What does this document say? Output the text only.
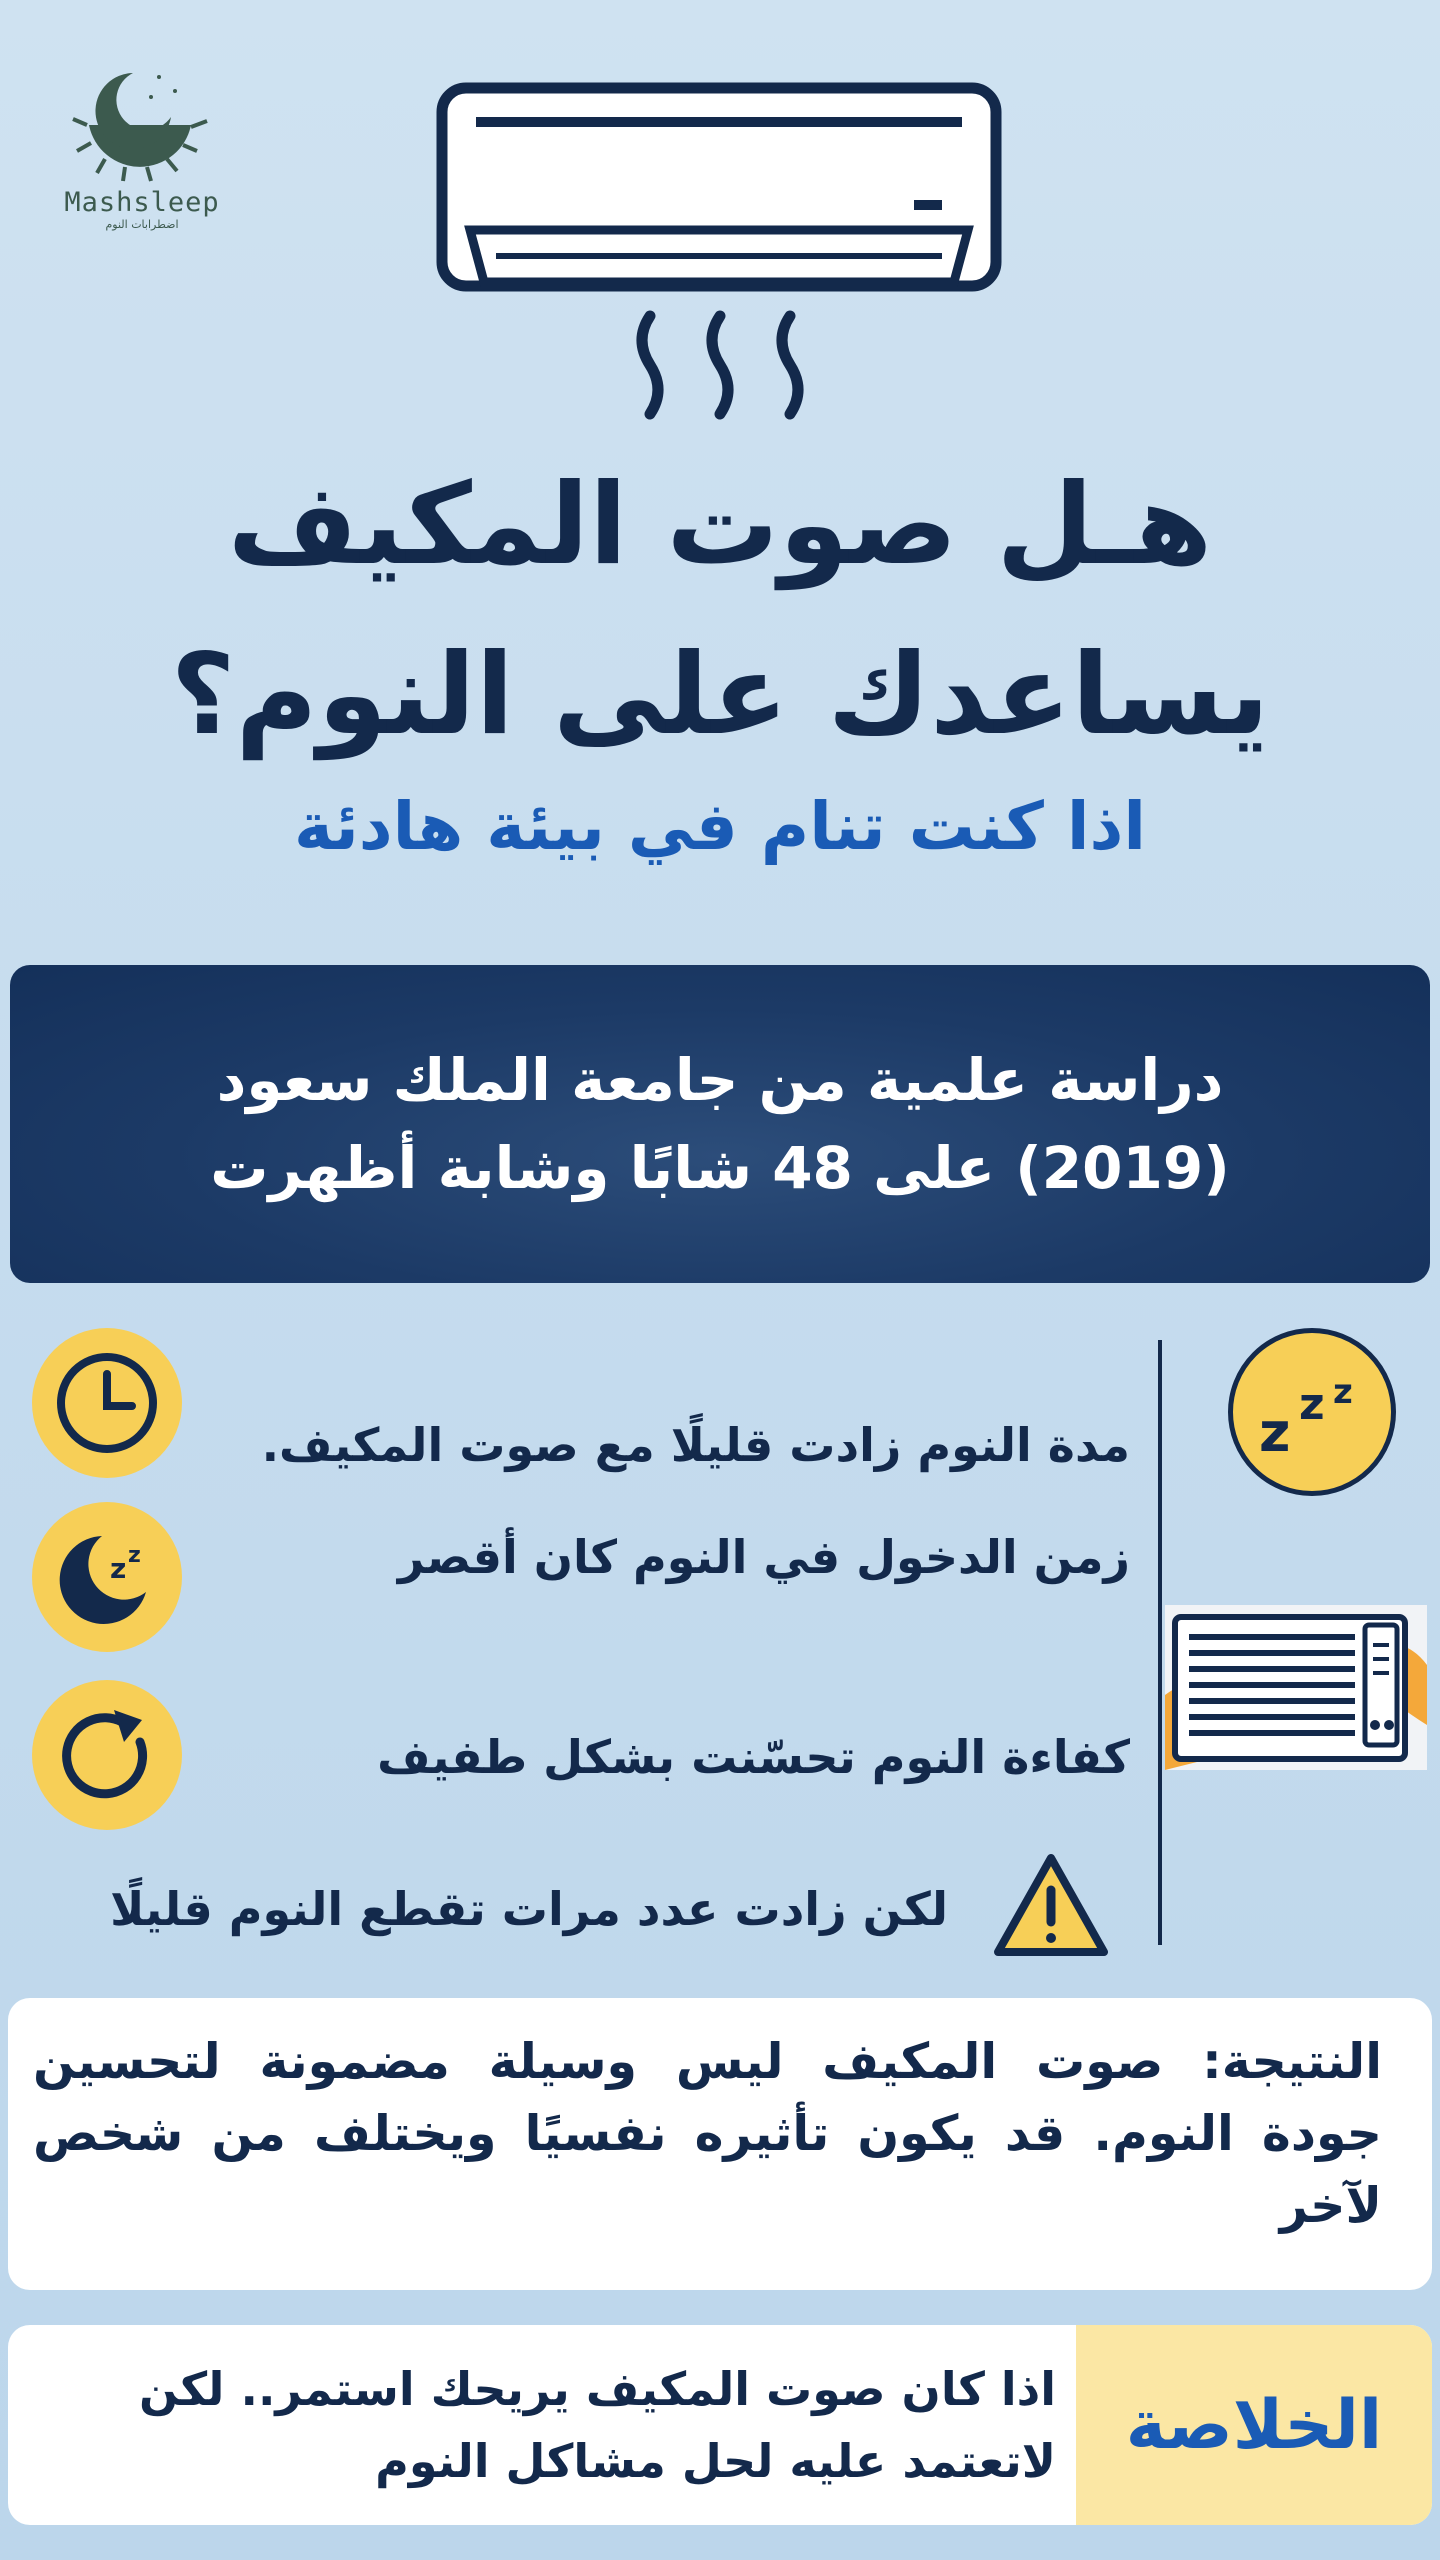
Mashsleep
اضطرابات النوم
هـل صوت المكيف
يساعدك على النوم؟
اذا كنت تنام في بيئة هادئة
دراسة علمية من جامعة الملك سعود
(2019) على 48 شابًا وشابة أظهرت
مدة النوم زادت قليلًا مع صوت المكيف.
z z	زمن الدخول في النوم كان أقصر
كفاءة النوم تحسّنت بشكل طفيف
لكن زادت عدد مرات تقطع النوم قليلًا
z z z
النتيجة: صوت المكيف ليس وسيلة مضمونة لتحسين جودة النوم. قد يكون تأثيره نفسيًا ويختلف من شخص لآخر
الخلاصة
اذا كان صوت المكيف يريحك استمر.. لكن
لاتعتمد عليه لحل مشاكل النوم
